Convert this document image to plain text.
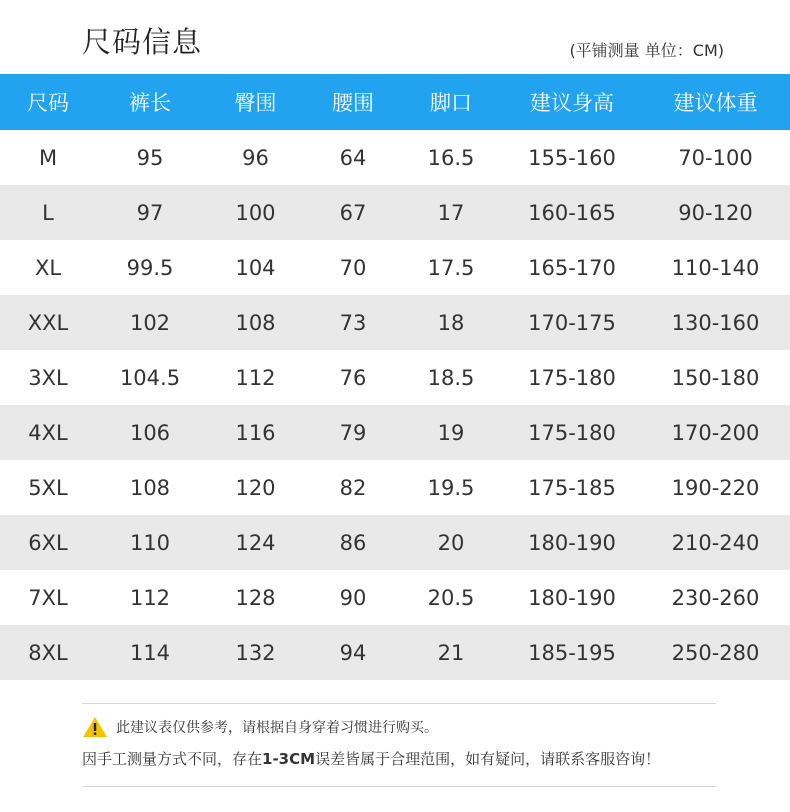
尺码信息	(平铺测量 单位：CM)
尺码	裤长	臀围	腰围	脚口	建议身高	建议体重
M	95	96	64	16.5	155-160	70-100
L	97	100	67	17	160-165	90-120
XL	99.5	104	70	17.5	165-170	110-140
XXL	102	108	73	18	170-175	130-160
3XL	104.5	112	76	18.5	175-180	150-180
4XL	106	116	79	19	175-180	170-200
5XL	108	120	82	19.5	175-185	190-220
6XL	110	124	86	20	180-190	210-240
7XL	112	128	90	20.5	180-190	230-260
8XL	114	132	94	21	185-195	250-280
此建议表仅供参考，请根据自身穿着习惯进行购买。
因手工测量方式不同，存在1-3CM误差皆属于合理范围，如有疑问，请联系客服咨询！
